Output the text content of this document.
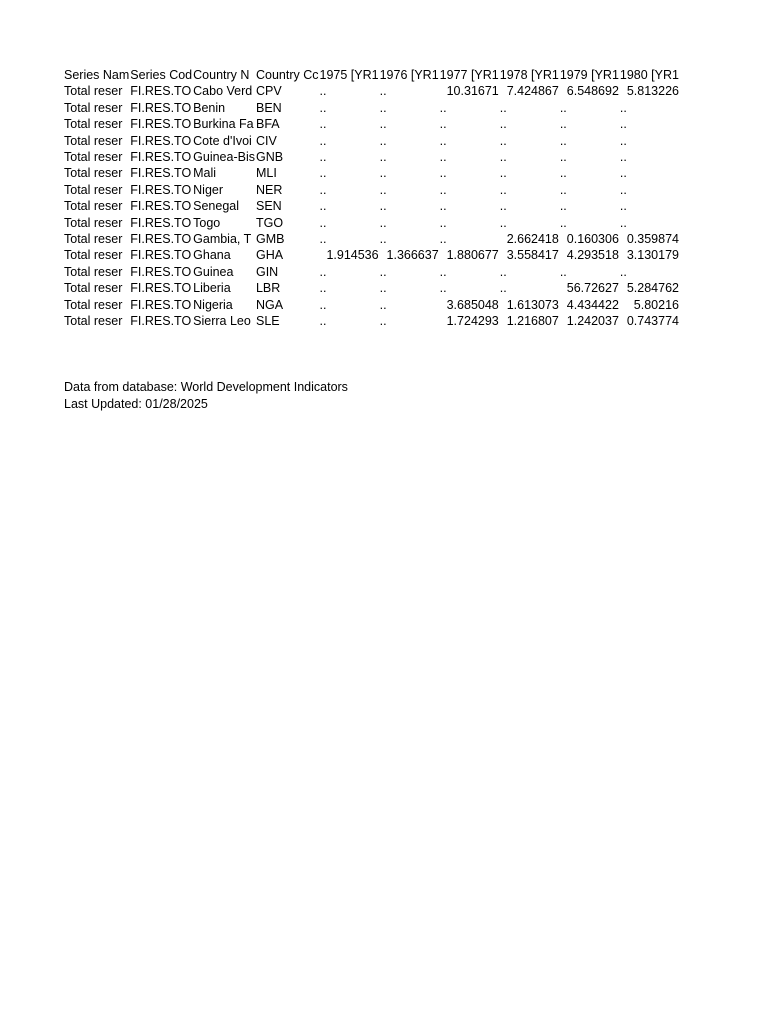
Series Nam	Series Cod	Country N	Country Cc	1975 [YR1	1976 [YR1	1977 [YR1	1978 [YR1	1979 [YR1	1980 [YR1
Total reser	FI.RES.TO	Cabo Verd	CPV	..	..	10.31671	7.424867	6.548692	5.813226
Total reser	FI.RES.TO	Benin	BEN	..	..	..	..	..	..
Total reser	FI.RES.TO	Burkina Fa	BFA	..	..	..	..	..	..
Total reser	FI.RES.TO	Cote d'Ivoi	CIV	..	..	..	..	..	..
Total reser	FI.RES.TO	Guinea-Bis	GNB	..	..	..	..	..	..
Total reser	FI.RES.TO	Mali	MLI	..	..	..	..	..	..
Total reser	FI.RES.TO	Niger	NER	..	..	..	..	..	..
Total reser	FI.RES.TO	Senegal	SEN	..	..	..	..	..	..
Total reser	FI.RES.TO	Togo	TGO	..	..	..	..	..	..
Total reser	FI.RES.TO	Gambia, T	GMB	..	..	..	2.662418	0.160306	0.359874
Total reser	FI.RES.TO	Ghana	GHA	1.914536	1.366637	1.880677	3.558417	4.293518	3.130179
Total reser	FI.RES.TO	Guinea	GIN	..	..	..	..	..	..
Total reser	FI.RES.TO	Liberia	LBR	..	..	..	..	56.72627	5.284762
Total reser	FI.RES.TO	Nigeria	NGA	..	..	3.685048	1.613073	4.434422	5.80216
Total reser	FI.RES.TO	Sierra Leo	SLE	..	..	1.724293	1.216807	1.242037	0.743774
Data from database: World Development Indicators
Last Updated: 01/28/2025
